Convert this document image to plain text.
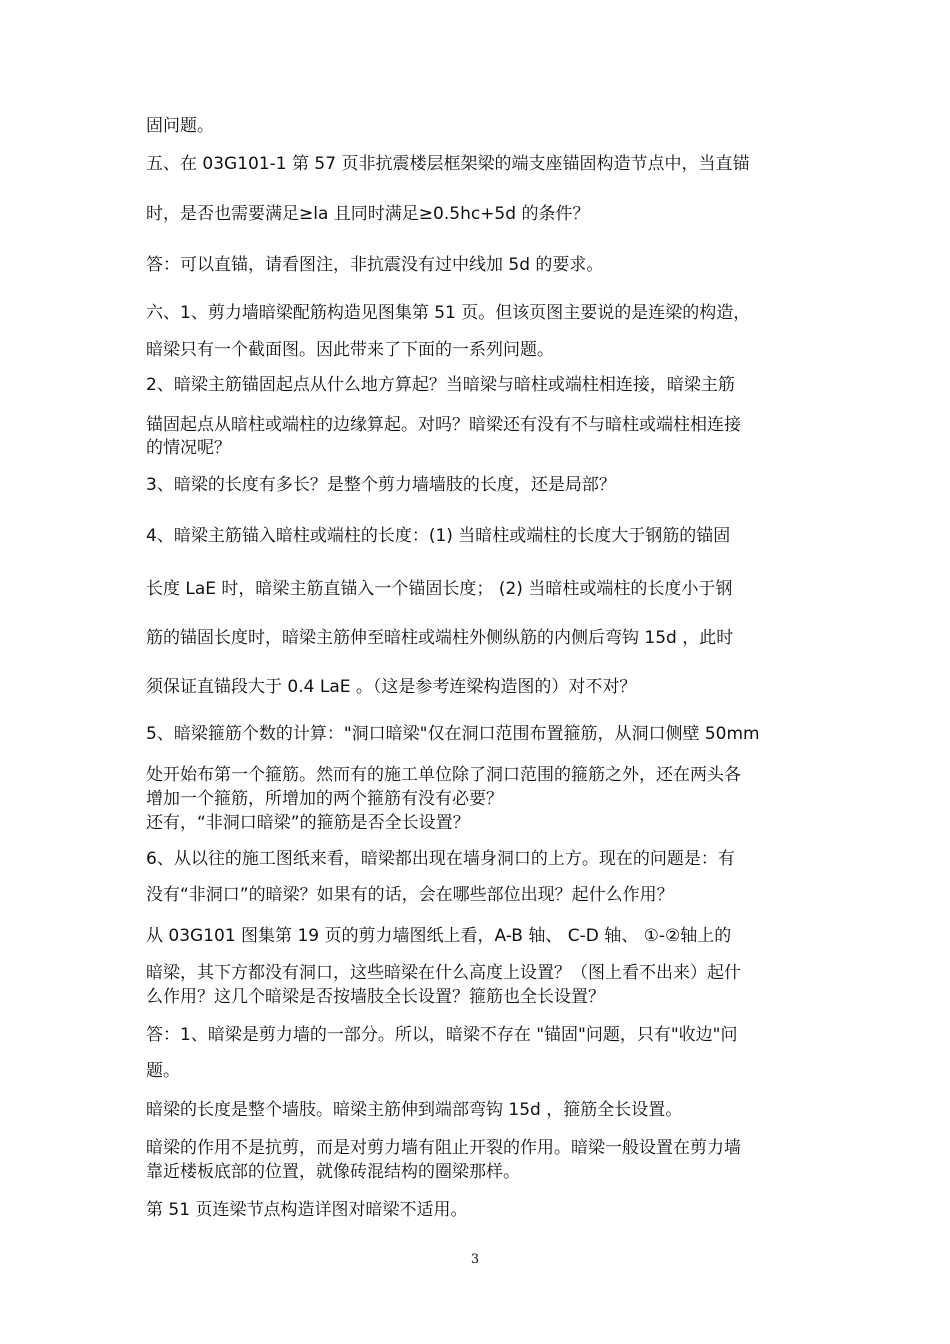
固问题。
五、在 03G101-1 第 57 页非抗震楼层框架梁的端支座锚固构造节点中，当直锚
时，是否也需要满足≥la 且同时满足≥0.5hc+5d 的条件？
答：可以直锚，请看图注，非抗震没有过中线加 5d 的要求。
六、1、剪力墙暗梁配筋构造见图集第 51 页。但该页图主要说的是连梁的构造，
暗梁只有一个截面图。因此带来了下面的一系列问题。
2、暗梁主筋锚固起点从什么地方算起？当暗梁与暗柱或端柱相连接，暗梁主筋
锚固起点从暗柱或端柱的边缘算起。对吗？暗梁还有没有不与暗柱或端柱相连接
的情况呢？
3、暗梁的长度有多长？是整个剪力墙墙肢的长度，还是局部？
4、暗梁主筋锚入暗柱或端柱的长度：(1) 当暗柱或端柱的长度大于钢筋的锚固
长度 LaE 时，暗梁主筋直锚入一个锚固长度； (2) 当暗柱或端柱的长度小于钢
筋的锚固长度时，暗梁主筋伸至暗柱或端柱外侧纵筋的内侧后弯钩 15d ，此时
须保证直锚段大于 0.4 LaE 。（这是参考连梁构造图的）对不对？
5、暗梁箍筋个数的计算："洞口暗梁"仅在洞口范围布置箍筋，从洞口侧壁 50mm
处开始布第一个箍筋。然而有的施工单位除了洞口范围的箍筋之外，还在两头各
增加一个箍筋，所增加的两个箍筋有没有必要？
还有，“非洞口暗梁”的箍筋是否全长设置？
6、从以往的施工图纸来看，暗梁都出现在墙身洞口的上方。现在的问题是：有
没有“非洞口”的暗梁？如果有的话，会在哪些部位出现？起什么作用？
从 03G101 图集第 19 页的剪力墙图纸上看，A-B 轴、 C-D 轴、 ①-②轴上的
暗梁，其下方都没有洞口，这些暗梁在什么高度上设置？（图上看不出来）起什
么作用？这几个暗梁是否按墙肢全长设置？箍筋也全长设置？
答：1、暗梁是剪力墙的一部分。所以，暗梁不存在 "锚固"问题，只有"收边"问
题。
暗梁的长度是整个墙肢。暗梁主筋伸到端部弯钩 15d ，箍筋全长设置。
暗梁的作用不是抗剪，而是对剪力墙有阻止开裂的作用。暗梁一般设置在剪力墙
靠近楼板底部的位置，就像砖混结构的圈梁那样。
第 51 页连梁节点构造详图对暗梁不适用。
3
